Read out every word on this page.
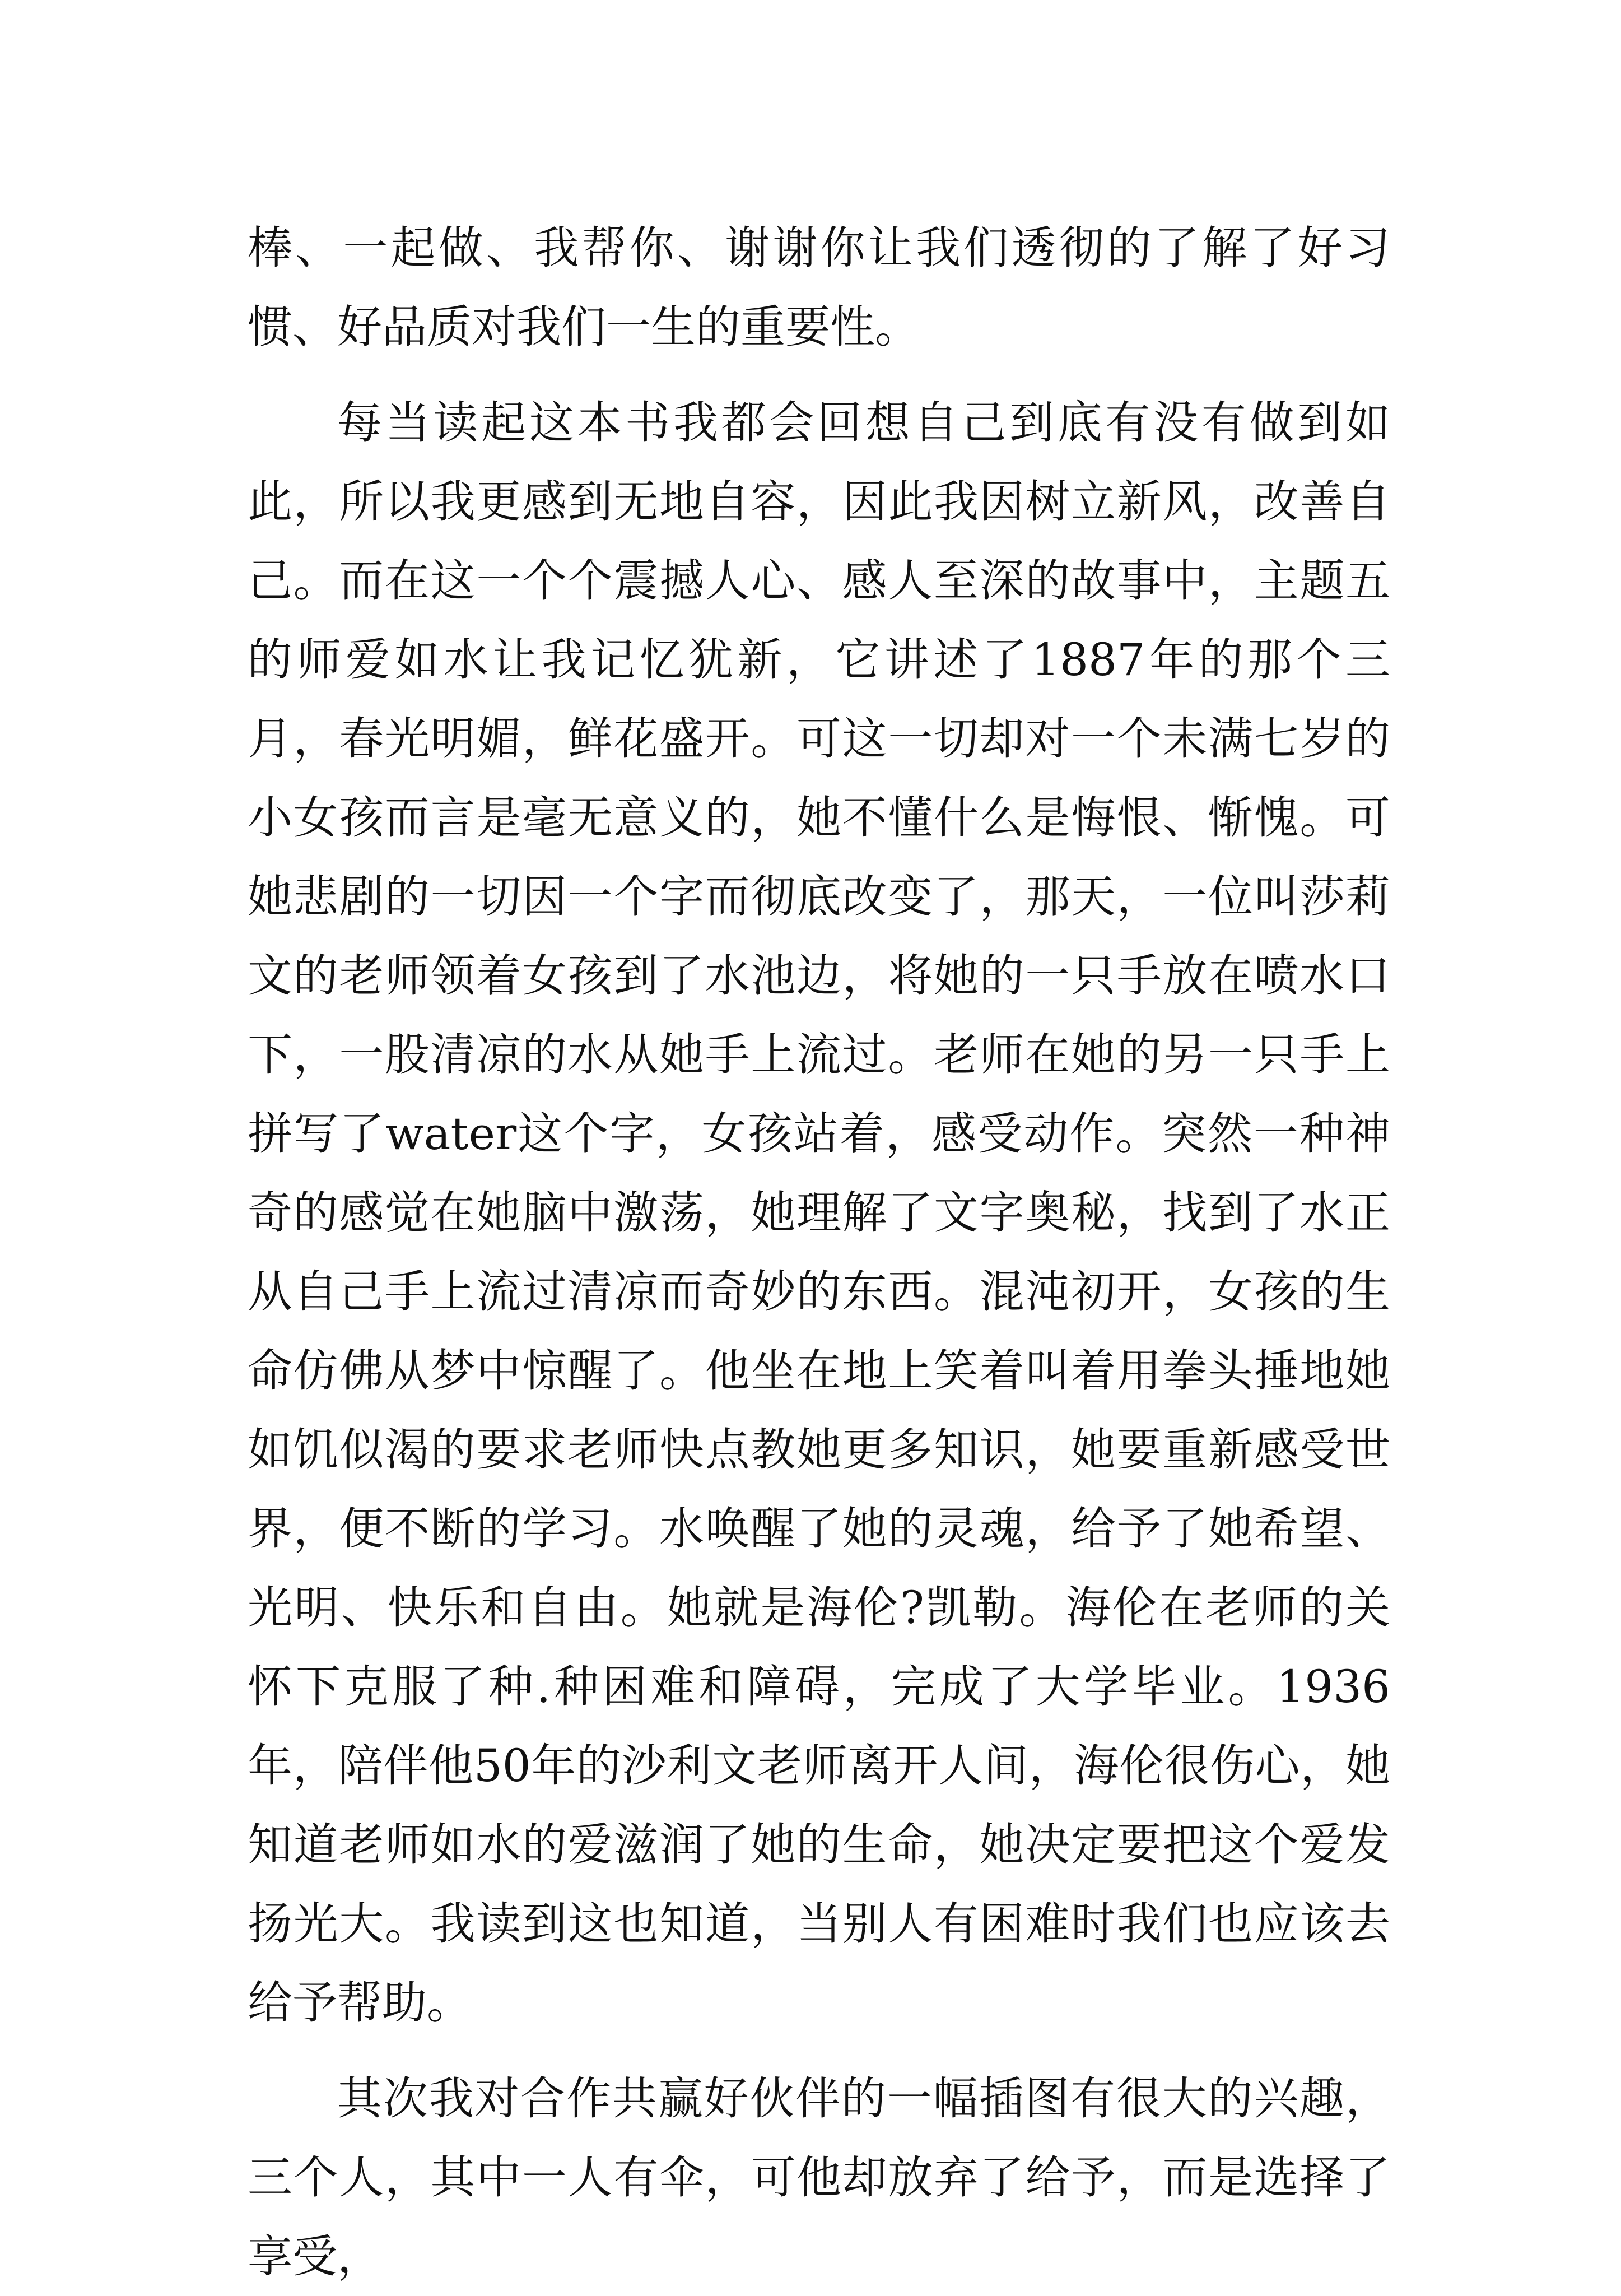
棒、一起做、我帮你、谢谢你让我们透彻的了解了好习惯、好品质对我们一生的重要性。

每当读起这本书我都会回想自己到底有没有做到如此，所以我更感到无地自容，因此我因树立新风，改善自己。而在这一个个震撼人心、感人至深的故事中，主题五的师爱如水让我记忆犹新，它讲述了1887年的那个三月，春光明媚，鲜花盛开。可这一切却对一个未满七岁的小女孩而言是毫无意义的，她不懂什么是悔恨、惭愧。可她悲剧的一切因一个字而彻底改变了，那天，一位叫莎莉文的老师领着女孩到了水池边，将她的一只手放在喷水口下，一股清凉的水从她手上流过。老师在她的另一只手上拼写了water这个字，女孩站着，感受动作。突然一种神奇的感觉在她脑中激荡，她理解了文字奥秘，找到了水正从自己手上流过清凉而奇妙的东西。混沌初开，女孩的生命仿佛从梦中惊醒了。他坐在地上笑着叫着用拳头捶地她如饥似渴的要求老师快点教她更多知识，她要重新感受世界，便不断的学习。水唤醒了她的灵魂，给予了她希望、光明、快乐和自由。她就是海伦?凯勒。海伦在老师的关怀下克服了种.种困难和障碍，完成了大学毕业。1936年，陪伴他50年的沙利文老师离开人间，海伦很伤心，她知道老师如水的爱滋润了她的生命，她决定要把这个爱发扬光大。我读到这也知道，当别人有困难时我们也应该去给予帮助。

其次我对合作共赢好伙伴的一幅插图有很大的兴趣，三个人，其中一人有伞，可他却放弃了给予，而是选择了享受，
